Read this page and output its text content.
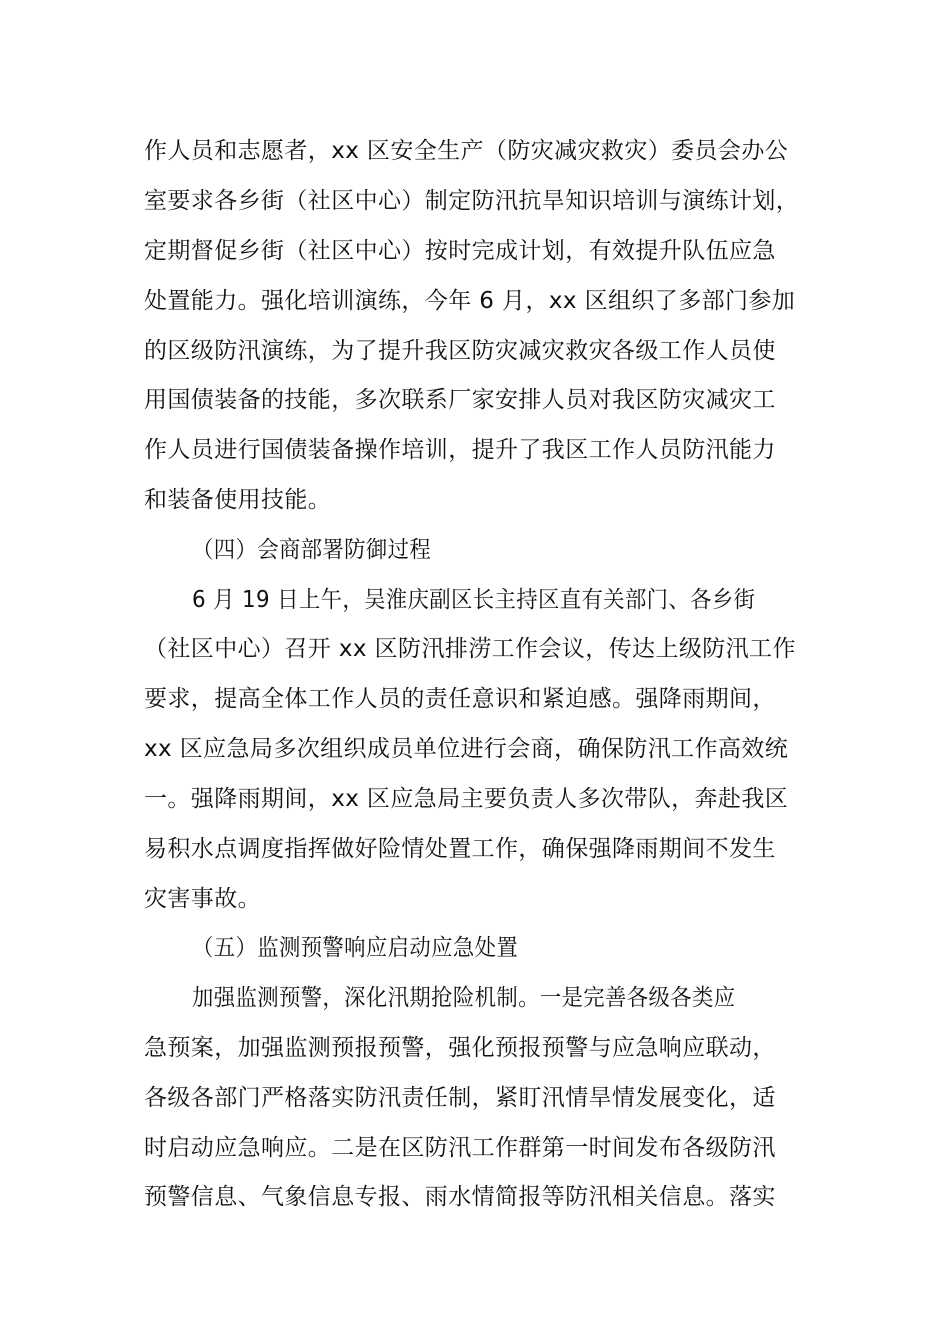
作人员和志愿者，xx 区安全生产（防灾减灾救灾）委员会办公
室要求各乡街（社区中心）制定防汛抗旱知识培训与演练计划，
定期督促乡街（社区中心）按时完成计划，有效提升队伍应急
处置能力。强化培训演练，今年 6 月，xx 区组织了多部门参加
的区级防汛演练，为了提升我区防灾减灾救灾各级工作人员使
用国债装备的技能，多次联系厂家安排人员对我区防灾减灾工
作人员进行国债装备操作培训，提升了我区工作人员防汛能力
和装备使用技能。
（四）会商部署防御过程
6 月 19 日上午，吴淮庆副区长主持区直有关部门、各乡街
（社区中心）召开 xx 区防汛排涝工作会议，传达上级防汛工作
要求，提高全体工作人员的责任意识和紧迫感。强降雨期间，
xx 区应急局多次组织成员单位进行会商，确保防汛工作高效统
一。强降雨期间，xx 区应急局主要负责人多次带队，奔赴我区
易积水点调度指挥做好险情处置工作，确保强降雨期间不发生
灾害事故。
（五）监测预警响应启动应急处置
加强监测预警，深化汛期抢险机制。一是完善各级各类应
急预案，加强监测预报预警，强化预报预警与应急响应联动，
各级各部门严格落实防汛责任制，紧盯汛情旱情发展变化，适
时启动应急响应。二是在区防汛工作群第一时间发布各级防汛
预警信息、气象信息专报、雨水情简报等防汛相关信息。落实
